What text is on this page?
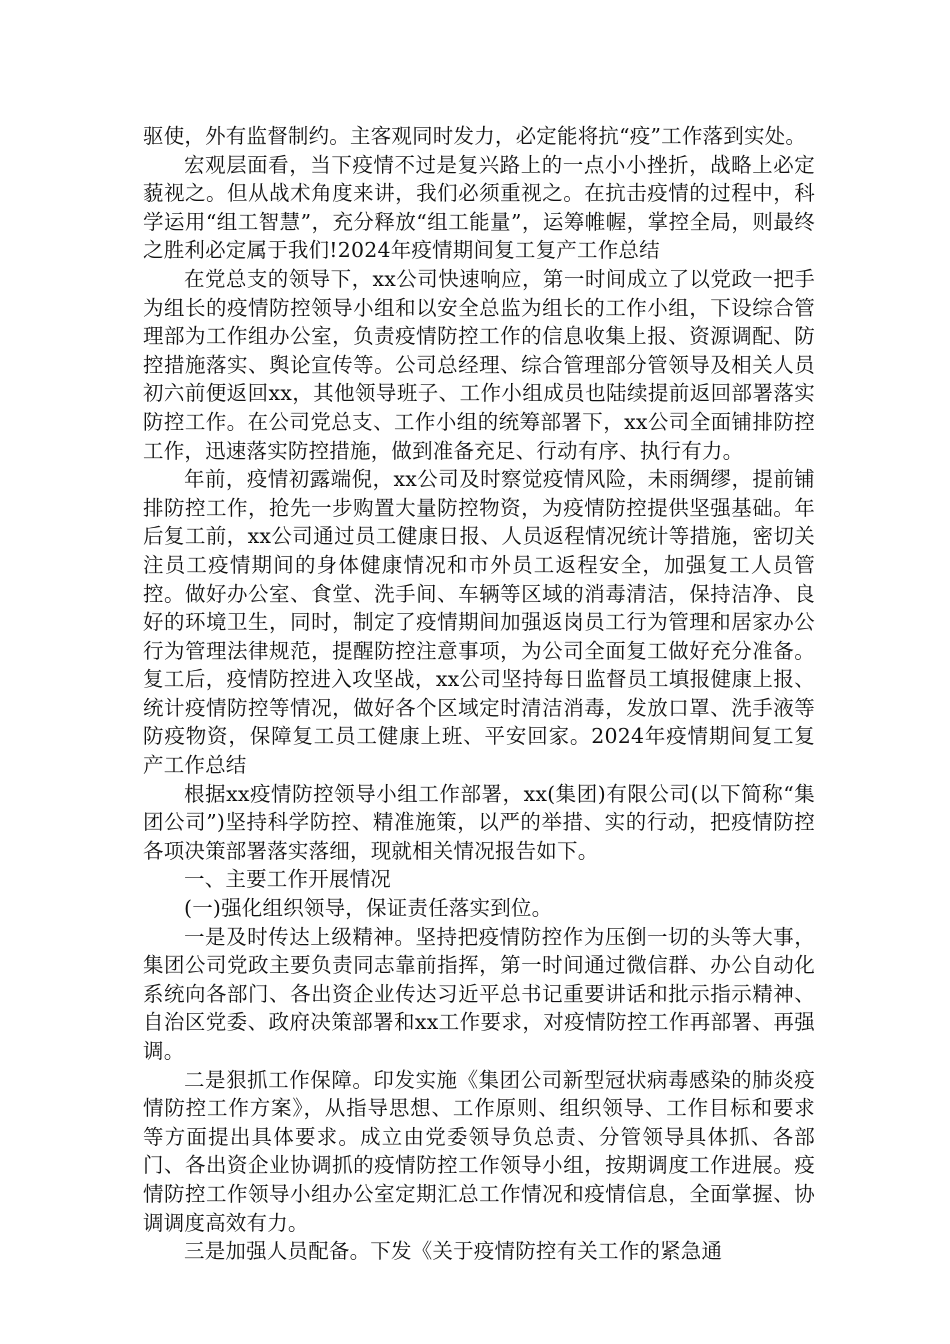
驱使，外有监督制约。主客观同时发力，必定能将抗“疫”工作落到实处。

宏观层面看，当下疫情不过是复兴路上的一点小小挫折，战略上必定藐视之。但从战术角度来讲，我们必须重视之。在抗击疫情的过程中，科学运用“组工智慧”，充分释放“组工能量”，运筹帷幄，掌控全局，则最终之胜利必定属于我们!2024年疫情期间复工复产工作总结

在党总支的领导下，xx公司快速响应，第一时间成立了以党政一把手为组长的疫情防控领导小组和以安全总监为组长的工作小组，下设综合管理部为工作组办公室，负责疫情防控工作的信息收集上报、资源调配、防控措施落实、舆论宣传等。公司总经理、综合管理部分管领导及相关人员初六前便返回xx，其他领导班子、工作小组成员也陆续提前返回部署落实防控工作。在公司党总支、工作小组的统筹部署下，xx公司全面铺排防控工作，迅速落实防控措施，做到准备充足、行动有序、执行有力。

年前，疫情初露端倪，xx公司及时察觉疫情风险，未雨绸缪，提前铺排防控工作，抢先一步购置大量防控物资，为疫情防控提供坚强基础。年后复工前，xx公司通过员工健康日报、人员返程情况统计等措施，密切关注员工疫情期间的身体健康情况和市外员工返程安全，加强复工人员管控。做好办公室、食堂、洗手间、车辆等区域的消毒清洁，保持洁净、良好的环境卫生，同时，制定了疫情期间加强返岗员工行为管理和居家办公行为管理法律规范，提醒防控注意事项，为公司全面复工做好充分准备。复工后，疫情防控进入攻坚战，xx公司坚持每日监督员工填报健康上报、统计疫情防控等情况，做好各个区域定时清洁消毒，发放口罩、洗手液等防疫物资，保障复工员工健康上班、平安回家。2024年疫情期间复工复产工作总结

根据xx疫情防控领导小组工作部署，xx(集团)有限公司(以下简称“集团公司”)坚持科学防控、精准施策，以严的举措、实的行动，把疫情防控各项决策部署落实落细，现就相关情况报告如下。

一、主要工作开展情况

(一)强化组织领导，保证责任落实到位。

一是及时传达上级精神。坚持把疫情防控作为压倒一切的头等大事，集团公司党政主要负责同志靠前指挥，第一时间通过微信群、办公自动化系统向各部门、各出资企业传达习近平总书记重要讲话和批示指示精神、自治区党委、政府决策部署和xx工作要求，对疫情防控工作再部署、再强调。

二是狠抓工作保障。印发实施《集团公司新型冠状病毒感染的肺炎疫情防控工作方案》，从指导思想、工作原则、组织领导、工作目标和要求等方面提出具体要求。成立由党委领导负总责、分管领导具体抓、各部门、各出资企业协调抓的疫情防控工作领导小组，按期调度工作进展。疫情防控工作领导小组办公室定期汇总工作情况和疫情信息，全面掌握、协调调度高效有力。

三是加强人员配备。下发《关于疫情防控有关工作的紧急通
